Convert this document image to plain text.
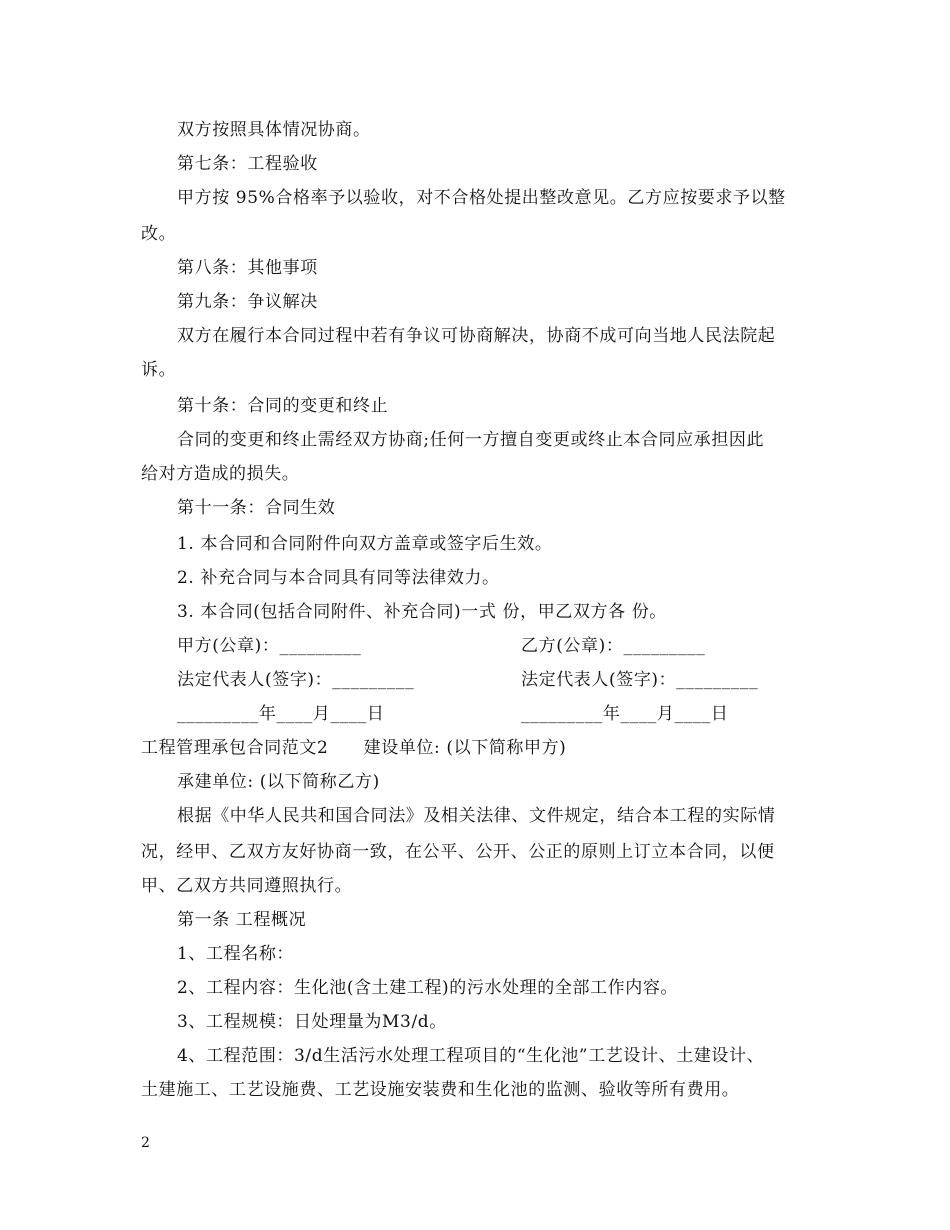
双方按照具体情况协商。
第七条：工程验收
甲方按 95%合格率予以验收，对不合格处提出整改意见。乙方应按要求予以整
改。
第八条：其他事项
第九条：争议解决
双方在履行本合同过程中若有争议可协商解决，协商不成可向当地人民法院起
诉。
第十条：合同的变更和终止
合同的变更和终止需经双方协商;任何一方擅自变更或终止本合同应承担因此
给对方造成的损失。
第十一条：合同生效
1. 本合同和合同附件向双方盖章或签字后生效。
2. 补充合同与本合同具有同等法律效力。
3. 本合同(包括合同附件、补充合同)一式 份，甲乙双方各 份。
甲方(公章)：_________	乙方(公章)：_________
法定代表人(签字)：_________	法定代表人(签字)：_________
_________年____月____日	_________年____月____日
工程管理承包合同范文2　　建设单位: (以下简称甲方)
承建单位: (以下简称乙方)
根据《中华人民共和国合同法》及相关法律、文件规定，结合本工程的实际情
况，经甲、乙双方友好协商一致，在公平、公开、公正的原则上订立本合同，以便
甲、乙双方共同遵照执行。
第一条 工程概况
1、工程名称：
2、工程内容：生化池(含土建工程)的污水处理的全部工作内容。
3、工程规模：日处理量为M3/d。
4、工程范围：3/d生活污水处理工程项目的“生化池”工艺设计、土建设计、
土建施工、工艺设施费、工艺设施安装费和生化池的监测、验收等所有费用。
2
